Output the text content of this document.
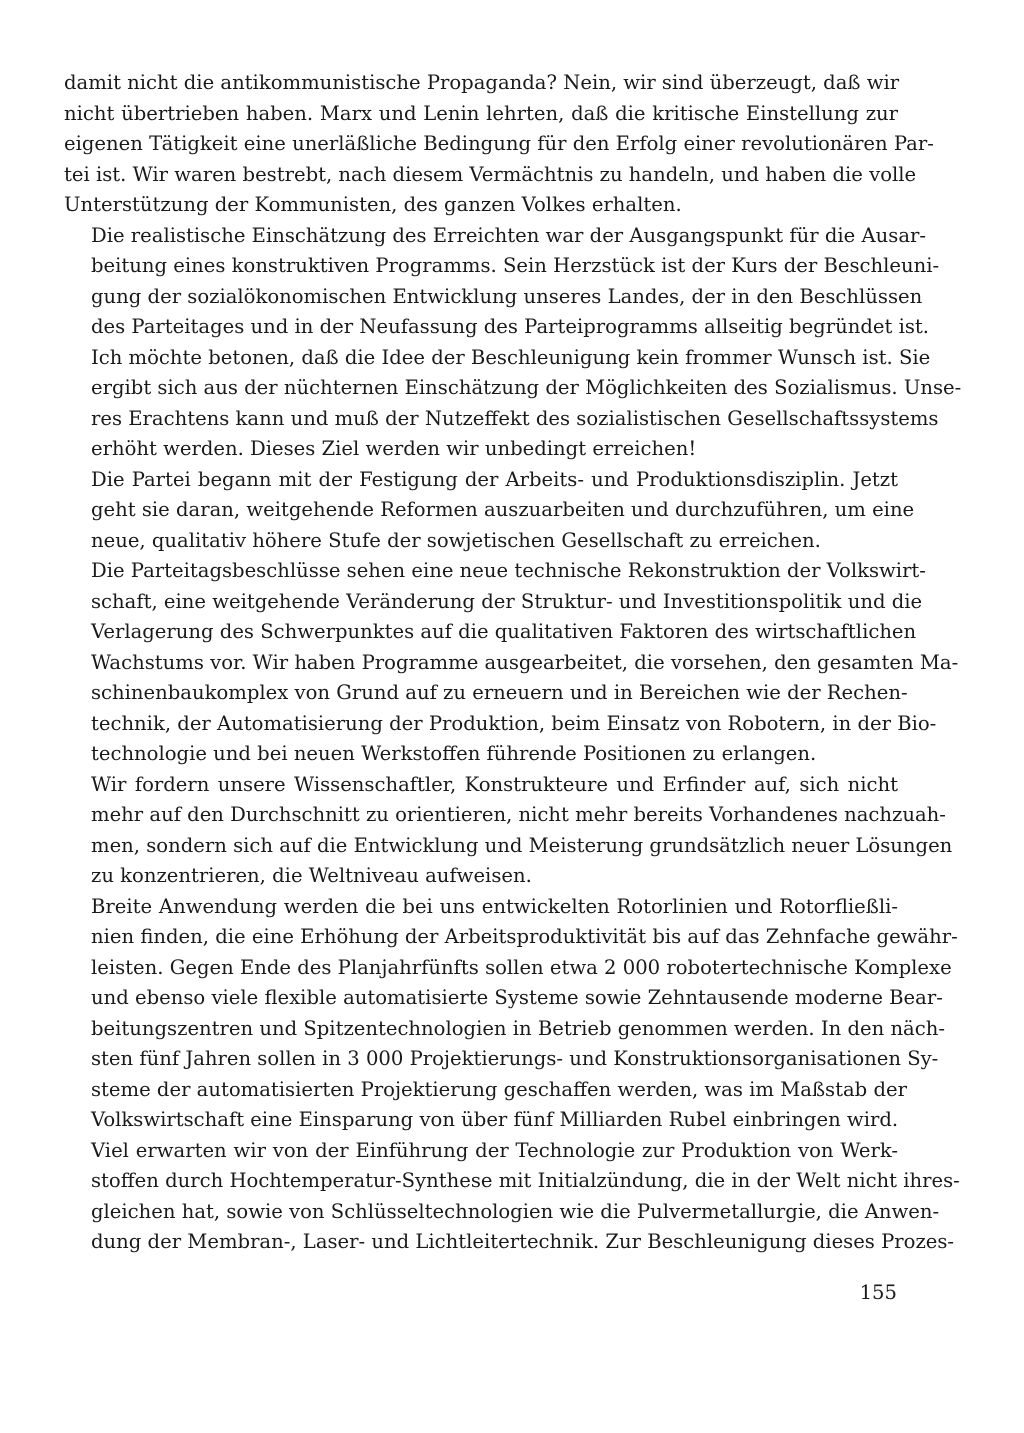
damit nicht die antikommunistische Propaganda? Nein, wir sind überzeugt, daß wir
nicht übertrieben haben. Marx und Lenin lehrten, daß die kritische Einstellung zur
eigenen Tätigkeit eine unerläßliche Bedingung für den Erfolg einer revolutionären Par-
tei ist. Wir waren bestrebt, nach diesem Vermächtnis zu handeln, und haben die volle
Unterstützung der Kommunisten, des ganzen Volkes erhalten.

Die realistische Einschätzung des Erreichten war der Ausgangspunkt für die Ausar-
beitung eines konstruktiven Programms. Sein Herzstück ist der Kurs der Beschleuni-
gung der sozialökonomischen Entwicklung unseres Landes, der in den Beschlüssen
des Parteitages und in der Neufassung des Parteiprogramms allseitig begründet ist.

Ich möchte betonen, daß die Idee der Beschleunigung kein frommer Wunsch ist. Sie
ergibt sich aus der nüchternen Einschätzung der Möglichkeiten des Sozialismus. Unse-
res Erachtens kann und muß der Nutzeffekt des sozialistischen Gesellschaftssystems
erhöht werden. Dieses Ziel werden wir unbedingt erreichen!

Die Partei begann mit der Festigung der Arbeits- und Produktionsdisziplin. Jetzt
geht sie daran, weitgehende Reformen auszuarbeiten und durchzuführen, um eine
neue, qualitativ höhere Stufe der sowjetischen Gesellschaft zu erreichen.

Die Parteitagsbeschlüsse sehen eine neue technische Rekonstruktion der Volkswirt-
schaft, eine weitgehende Veränderung der Struktur- und Investitionspolitik und die
Verlagerung des Schwerpunktes auf die qualitativen Faktoren des wirtschaftlichen
Wachstums vor. Wir haben Programme ausgearbeitet, die vorsehen, den gesamten Ma-
schinenbaukomplex von Grund auf zu erneuern und in Bereichen wie der Rechen-
technik, der Automatisierung der Produktion, beim Einsatz von Robotern, in der Bio-
technologie und bei neuen Werkstoffen führende Positionen zu erlangen.

Wir fordern unsere Wissenschaftler, Konstrukteure und Erfinder auf, sich nicht
mehr auf den Durchschnitt zu orientieren, nicht mehr bereits Vorhandenes nachzuah-
men, sondern sich auf die Entwicklung und Meisterung grundsätzlich neuer Lösungen
zu konzentrieren, die Weltniveau aufweisen.

Breite Anwendung werden die bei uns entwickelten Rotorlinien und Rotorfließli-
nien finden, die eine Erhöhung der Arbeitsproduktivität bis auf das Zehnfache gewähr-
leisten. Gegen Ende des Planjahrfünfts sollen etwa 2 000 robotertechnische Komplexe
und ebenso viele flexible automatisierte Systeme sowie Zehntausende moderne Bear-
beitungszentren und Spitzentechnologien in Betrieb genommen werden. In den näch-
sten fünf Jahren sollen in 3 000 Projektierungs- und Konstruktionsorganisationen Sy-
steme der automatisierten Projektierung geschaffen werden, was im Maßstab der
Volkswirtschaft eine Einsparung von über fünf Milliarden Rubel einbringen wird.

Viel erwarten wir von der Einführung der Technologie zur Produktion von Werk-
stoffen durch Hochtemperatur-Synthese mit Initialzündung, die in der Welt nicht ihres-
gleichen hat, sowie von Schlüsseltechnologien wie die Pulvermetallurgie, die Anwen-
dung der Membran-, Laser- und Lichtleitertechnik. Zur Beschleunigung dieses Prozes-

155
